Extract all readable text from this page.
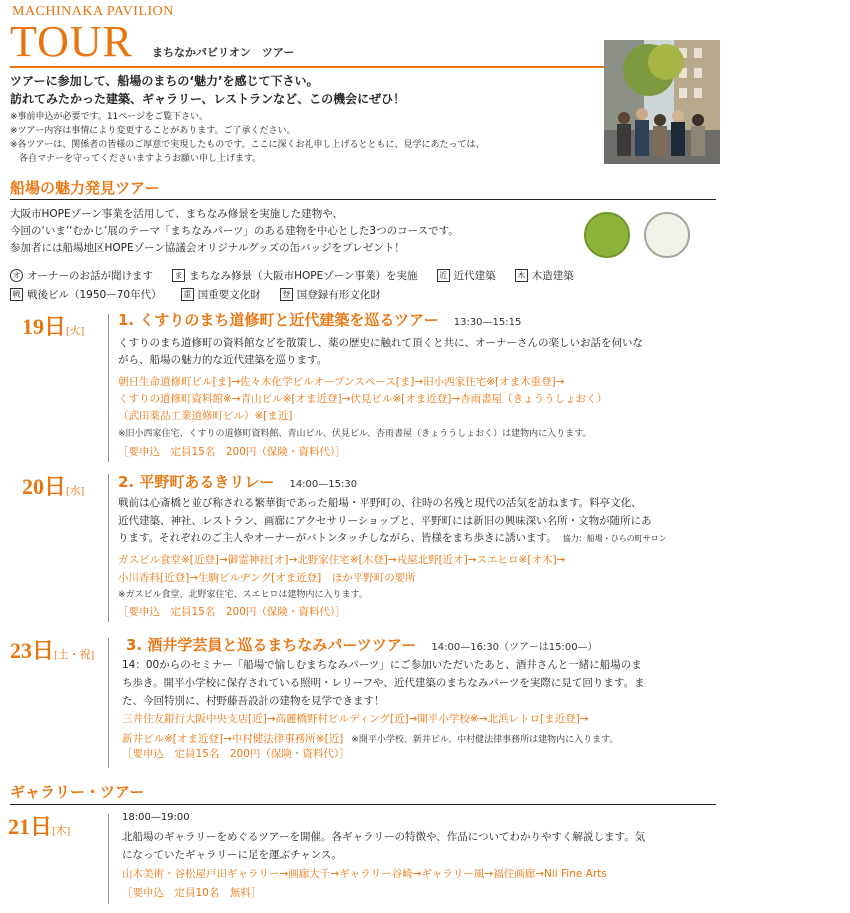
MACHINAKA PAVILION
TOUR まちなかパビリオン　ツアー
ツアーに参加して、船場のまちの‘魅力’を感じて下さい。
訪れてみたかった建築、ギャラリー、レストランなど、この機会にぜひ！
※事前申込が必要です。11ページをご覧下さい。
※ツアー内容は事情により変更することがあります。ご了承ください。
※各ツアーは、関係者の皆様のご厚意で実現したものです。ここに深くお礼申し上げるとともに、見学にあたっては、
　各自マナーを守ってくださいますようお願い申し上げます。
船場の魅力発見ツアー
大阪市HOPEゾーン事業を活用して、まちなみ修景を実施した建物や、
今回の‘いま’‘むかじ’展のテーマ「まちなみパーツ」のある建物を中心とした3つのコースです。
参加者には船場地区HOPEゾーン協議会オリジナルグッズの缶バッジをプレゼント！
オ オーナーのお話が聞けます	ま まちなみ修景（大阪市HOPEゾーン事業）を実施	近 近代建築	木 木造建築
戦 戦後ビル（1950ー70年代）	重 国重要文化財	登 国登録有形文化財
19日[火]
1. くすりのまち道修町と近代建築を巡るツアー 13:30—15:15
くすりのまち道修町の資料館などを散策し、薬の歴史に触れて頂くと共に、オーナーさんの楽しいお話を伺いな
がら、船場の魅力的な近代建築を巡ります。
朝日生命道修町ビル[ま]→佐々木化学ビルオープンスペース[ま]→旧小西家住宅※[オま木重登]→
くすりの道修町資料館※→青山ビル※[オま近登]→伏見ビル※[オま近登]→杏雨書屋（きょううしょおく）
（武田薬品工業道修町ビル）※[ま近]
※旧小西家住宅、くすりの道修町資料館、青山ビル、伏見ビル、杏雨書屋（きょううしょおく）は建物内に入ります。
［要申込　定員15名　200円（保険・資料代）］
20日[水] 2. 平野町あるきリレー 14:00—15:30
戦前は心斎橋と並び称される繁華街であった船場・平野町の、往時の名残と現代の活気を訪ねます。料亭文化、
近代建築、神社、レストラン、画廊にアクセサリーショップと、平野町には新旧の興味深い名所・文物が随所にあ
ります。それぞれのご主人やオーナーがバトンタッチしながら、皆様をまち歩きに誘います。 協力：船場・ひらの町サロン
ガスビル食堂※[近登]→御霊神社[オ]→北野家住宅※[木登]→戎屋北野[近オ]→スエヒロ※[オ木]→
小川香料[近登]→生駒ビルヂング[オま近登]　ほか平野町の要所
※ガスビル食堂、北野家住宅、スエヒロは建物内に入ります。
［要申込　定員15名　200円（保険・資料代）］
23日[土・祝]
3. 酒井学芸員と巡るまちなみパーツツアー 14:00—16:30（ツアーは15:00—）
14：00からのセミナー「船場で愉しむまちなみパーツ」にご参加いただいたあと、酒井さんと一緒に船場のま
ち歩き。開平小学校に保存されている照明・レリーフや、近代建築のまちなみパーツを実際に見て回ります。ま
た、今回特別に、村野藤吾設計の建物を見学できます！
三井住友銀行大阪中央支店[近]→高麗橋野村ビルディング[近]→開平小学校※→北浜レトロ[ま近登]→
新井ビル※[オま近登]→中村健法律事務所※[近] ※開平小学校、新井ビル、中村健法律事務所は建物内に入ります。
［要申込　定員15名　200円（保険・資料代）］
ギャラリー・ツアー
21日[木]
18:00—19:00
北船場のギャラリーをめぐるツアーを開催。各ギャラリーの特徴や、作品についてわかりやすく解説します。気
になっていたギャラリーに足を運ぶチャンス。
山木美術・谷松屋戸田ギャラリー→画廊大千→ギャラリー谷崎→ギャラリー風→福住画廊→Nii Fine Arts
［要申込　定員10名　無料］
